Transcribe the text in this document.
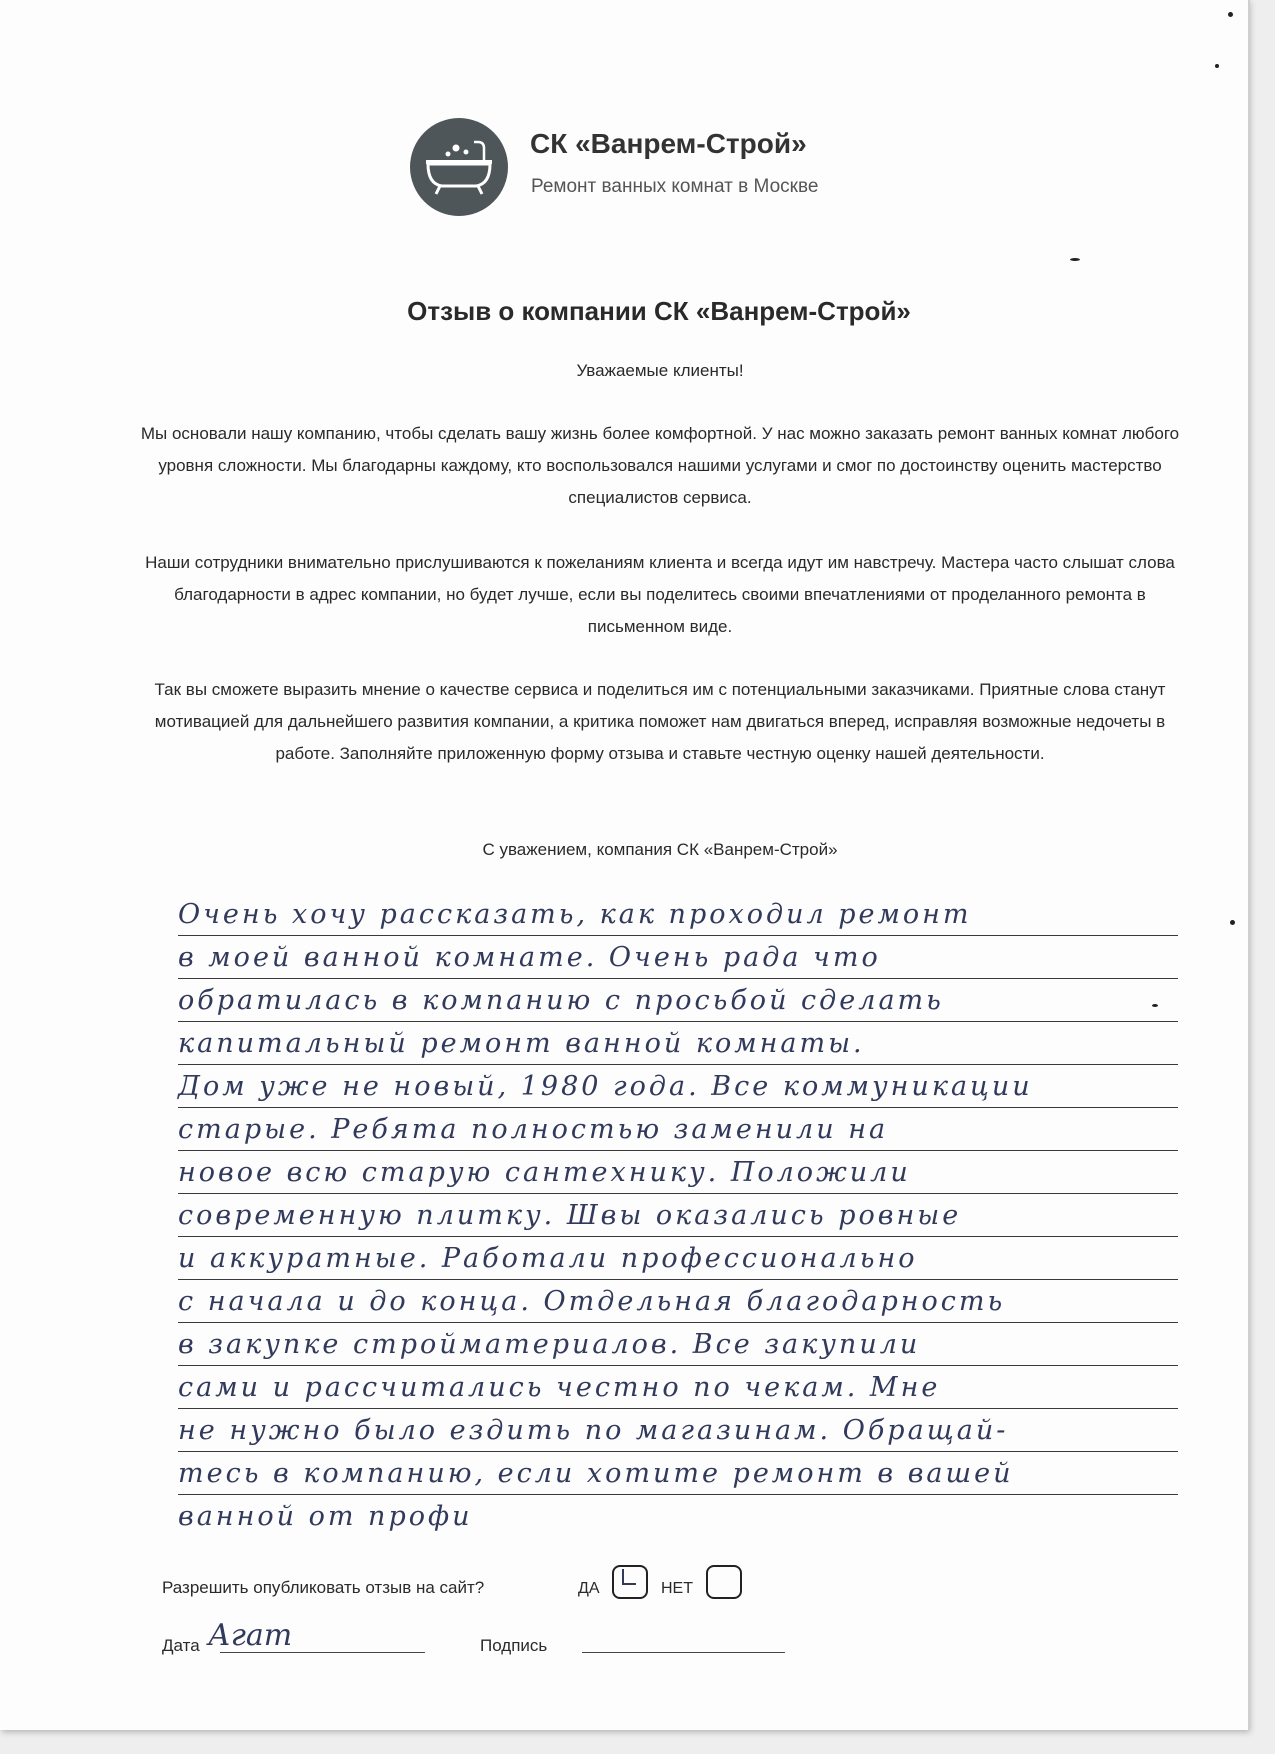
СК «Ванрем-Строй»
Ремонт ванных комнат в Москве
Отзыв о компании СК «Ванрем-Строй»
Уважаемые клиенты!
Мы основали нашу компанию, чтобы сделать вашу жизнь более комфортной. У нас можно заказать ремонт ванных комнат любого уровня сложности. Мы благодарны каждому, кто воспользовался нашими услугами и смог по достоинству оценить мастерство специалистов сервиса.
Наши сотрудники внимательно прислушиваются к пожеланиям клиента и всегда идут им навстречу. Мастера часто слышат слова благодарности в адрес компании, но будет лучше, если вы поделитесь своими впечатлениями от проделанного ремонта в письменном виде.
Так вы сможете выразить мнение о качестве сервиса и поделиться им с потенциальными заказчиками. Приятные слова станут мотивацией для дальнейшего развития компании, а критика поможет нам двигаться вперед, исправляя возможные недочеты в работе. Заполняйте приложенную форму отзыва и ставьте честную оценку нашей деятельности.
С уважением, компания СК «Ванрем-Строй»
Очень хочу рассказать, как проходил ремонт
в моей ванной комнате. Очень рада что
обратилась в компанию с просьбой сделать
капитальный ремонт ванной комнаты.
Дом уже не новый, 1980 года. Все коммуникации
старые. Ребята полностью заменили на
новое всю старую сантехнику. Положили
современную плитку. Швы оказались ровные
и аккуратные. Работали профессионально
с начала и до конца. Отдельная благодарность
в закупке стройматериалов. Все закупили
сами и рассчитались честно по чекам. Мне
не нужно было ездить по магазинам. Обращай-
тесь в компанию, если хотите ремонт в вашей
ванной от профи
Разрешить опубликовать отзыв на сайт?	ДА	НЕТ
Дата Агат	Подпись
